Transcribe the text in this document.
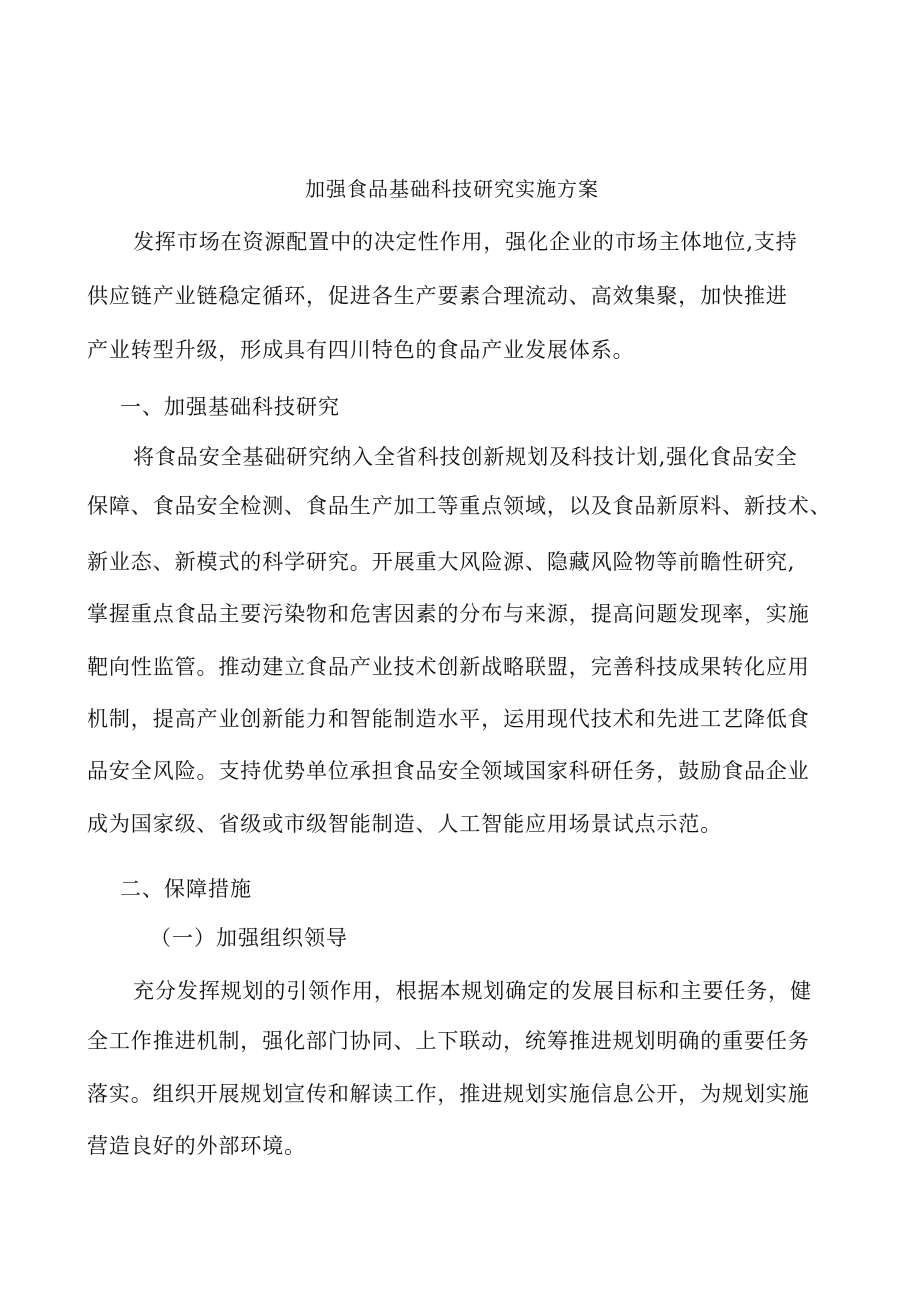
加强食品基础科技研究实施方案

发挥市场在资源配置中的决定性作用，强化企业的市场主体地位,支持

供应链产业链稳定循环，促进各生产要素合理流动、高效集聚，加快推进

产业转型升级，形成具有四川特色的食品产业发展体系。

一、加强基础科技研究

将食品安全基础研究纳入全省科技创新规划及科技计划,强化食品安全

保障、食品安全检测、食品生产加工等重点领域，以及食品新原料、新技术、

新业态、新模式的科学研究。开展重大风险源、隐藏风险物等前瞻性研究,

掌握重点食品主要污染物和危害因素的分布与来源，提高问题发现率，实施

靶向性监管。推动建立食品产业技术创新战略联盟，完善科技成果转化应用

机制，提高产业创新能力和智能制造水平，运用现代技术和先进工艺降低食

品安全风险。支持优势单位承担食品安全领域国家科研任务，鼓励食品企业

成为国家级、省级或市级智能制造、人工智能应用场景试点示范。

二、保障措施

（一）加强组织领导

充分发挥规划的引领作用，根据本规划确定的发展目标和主要任务，健

全工作推进机制，强化部门协同、上下联动，统筹推进规划明确的重要任务

落实。组织开展规划宣传和解读工作，推进规划实施信息公开，为规划实施

营造良好的外部环境。
